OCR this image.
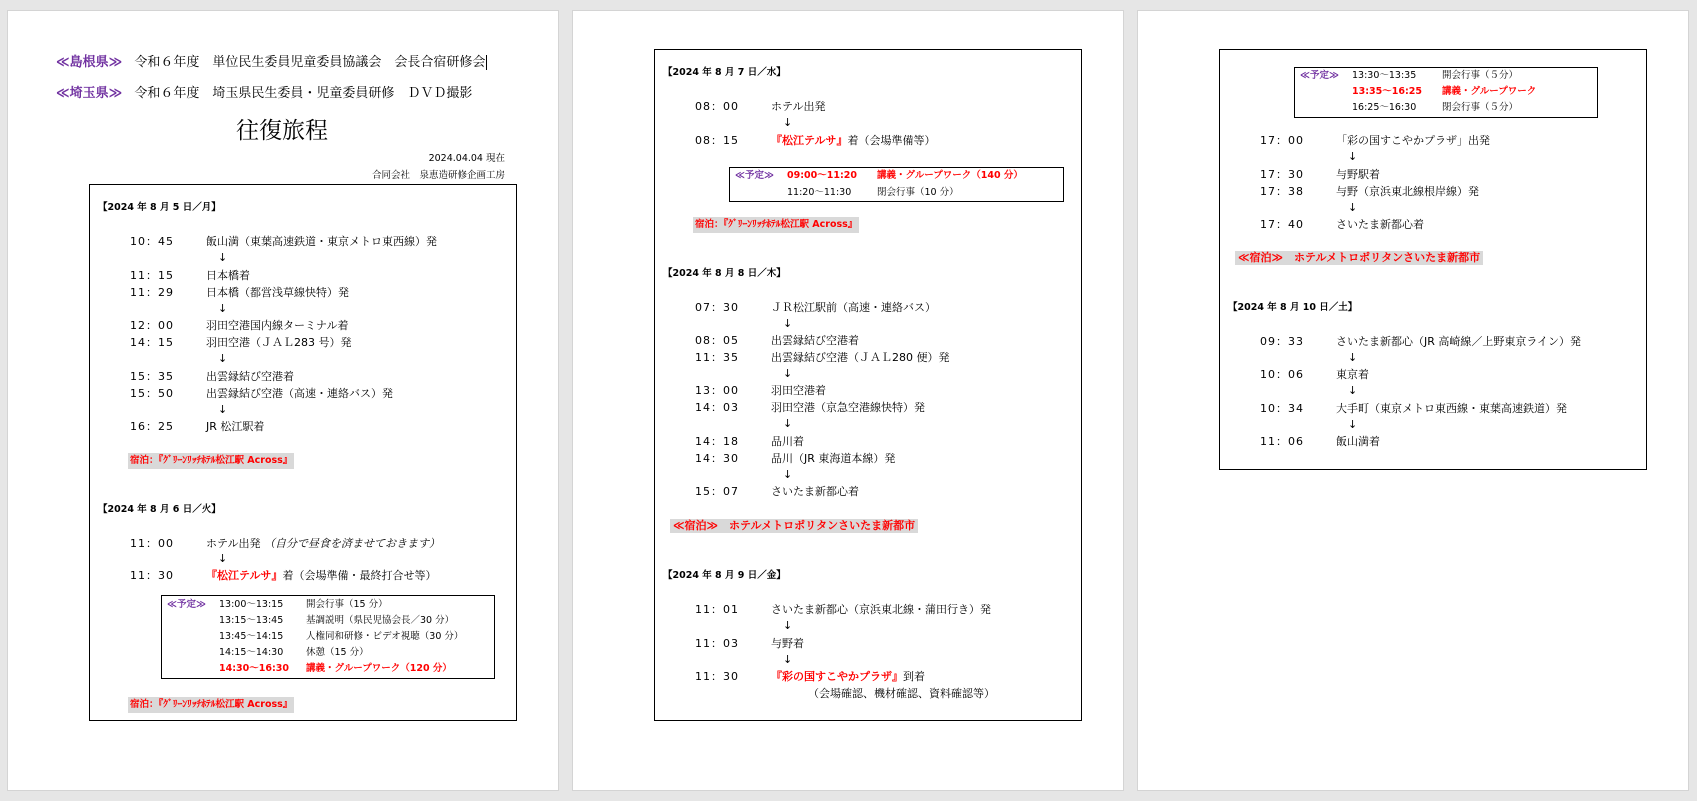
≪島根県≫ 令和６年度　単位民生委員児童委員協議会　会長合宿研修会
≪埼玉県≫ 令和６年度　埼玉県民生委員・児童委員研修　ＤＶＤ撮影
往復旅程
2024.04.04 現在
合同会社　泉恵造研修企画工房
【2024 年 8 月 5 日／月】
10：45	飯山満（東葉高速鉄道・東京メトロ東西線）発
↓
11：15	日本橋着
11：29	日本橋（都営浅草線快特）発
↓
12：00	羽田空港国内線ターミナル着
14：15	羽田空港（ＪＡＬ283 号）発
↓
15：35	出雲縁結び空港着
15：50	出雲縁結び空港（高速・連絡バス）発
↓
16：25	JR 松江駅着
宿泊：『ｸﾞﾘｰﾝﾘｯﾁﾎﾃﾙ松江駅 Across』
【2024 年 8 月 6 日／火】
11：00	ホテル出発 （自分で昼食を済ませておきます）
↓
11：30	『松江テルサ』着（会場準備・最終打合せ等）
≪予定≫ 13:00～13:15 開会行事（15 分）
13:15～13:45 基調説明（県民児協会長／30 分）
13:45～14:15 人権同和研修・ビデオ視聴（30 分）
14:15～14:30 休憩（15 分）
14:30～16:30 講義・グループワーク（120 分）
宿泊：『ｸﾞﾘｰﾝﾘｯﾁﾎﾃﾙ松江駅 Across』
【2024 年 8 月 7 日／水】
08：00	ホテル出発
↓
08：15	『松江テルサ』着（会場準備等）
≪予定≫ 09:00～11:20 講義・グループワーク（140 分）
11:20～11:30	閉会行事（10 分）
宿泊：『ｸﾞﾘｰﾝﾘｯﾁﾎﾃﾙ松江駅 Across』
【2024 年 8 月 8 日／木】
07：30	ＪＲ松江駅前（高速・連絡バス）
↓
08：05	出雲縁結び空港着
11：35	出雲縁結び空港（ＪＡＬ280 便）発
↓
13：00	羽田空港着
14：03	羽田空港（京急空港線快特）発
↓
14：18	品川着
14：30	品川（JR 東海道本線）発
↓
15：07	さいたま新都心着
≪宿泊≫　ホテルメトロポリタンさいたま新都市
【2024 年 8 月 9 日／金】
11：01	さいたま新都心（京浜東北線・蒲田行き）発
↓
11：03	与野着
↓
11：30	『彩の国すこやかプラザ』到着
（会場確認、機材確認、資料確認等）
≪予定≫ 13:30～13:35	開会行事（５分）
13:35～16:25 講義・グループワーク
16:25～16:30	閉会行事（５分）
17：00	「彩の国すこやかプラザ」出発
↓
17：30	与野駅着
17：38	与野（京浜東北線根岸線）発
↓
17：40	さいたま新都心着
≪宿泊≫　ホテルメトロポリタンさいたま新都市
【2024 年 8 月 10 日／土】
09：33	さいたま新都心（JR 高崎線／上野東京ライン）発
↓
10：06	東京着
↓
10：34	大手町（東京メトロ東西線・東葉高速鉄道）発
↓
11：06	飯山満着
